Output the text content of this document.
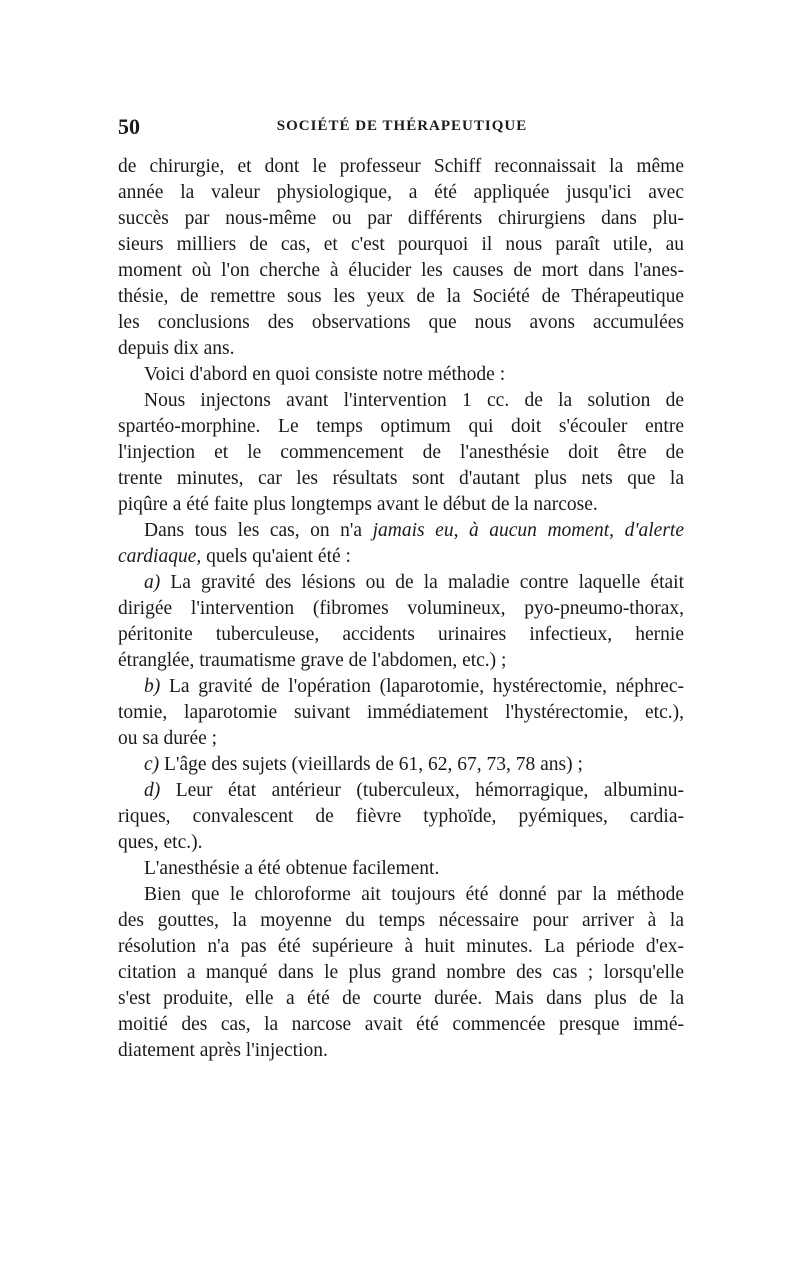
50	SOCIÉTÉ DE THÉRAPEUTIQUE
de chirurgie, et dont le professeur Schiff reconnaissait la même
année la valeur physiologique, a été appliquée jusqu'ici avec
succès par nous-même ou par différents chirurgiens dans plu-
sieurs milliers de cas, et c'est pourquoi il nous paraît utile, au
moment où l'on cherche à élucider les causes de mort dans l'anes-
thésie, de remettre sous les yeux de la Société de Thérapeutique
les conclusions des observations que nous avons accumulées
depuis dix ans.
Voici d'abord en quoi consiste notre méthode :
Nous injectons avant l'intervention 1 cc. de la solution de
spartéo-morphine. Le temps optimum qui doit s'écouler entre
l'injection et le commencement de l'anesthésie doit être de
trente minutes, car les résultats sont d'autant plus nets que la
piqûre a été faite plus longtemps avant le début de la narcose.
Dans tous les cas, on n'a jamais eu, à aucun moment, d'alerte
cardiaque, quels qu'aient été :
a) La gravité des lésions ou de la maladie contre laquelle était
dirigée l'intervention (fibromes volumineux, pyo-pneumo-thorax,
péritonite tuberculeuse, accidents urinaires infectieux, hernie
étranglée, traumatisme grave de l'abdomen, etc.) ;
b) La gravité de l'opération (laparotomie, hystérectomie, néphrec-
tomie, laparotomie suivant immédiatement l'hystérectomie, etc.),
ou sa durée ;
c) L'âge des sujets (vieillards de 61, 62, 67, 73, 78 ans) ;
d) Leur état antérieur (tuberculeux, hémorragique, albuminu-
riques, convalescent de fièvre typhoïde, pyémiques, cardia-
ques, etc.).
L'anesthésie a été obtenue facilement.
Bien que le chloroforme ait toujours été donné par la méthode
des gouttes, la moyenne du temps nécessaire pour arriver à la
résolution n'a pas été supérieure à huit minutes. La période d'ex-
citation a manqué dans le plus grand nombre des cas ; lorsqu'elle
s'est produite, elle a été de courte durée. Mais dans plus de la
moitié des cas, la narcose avait été commencée presque immé-
diatement après l'injection.
